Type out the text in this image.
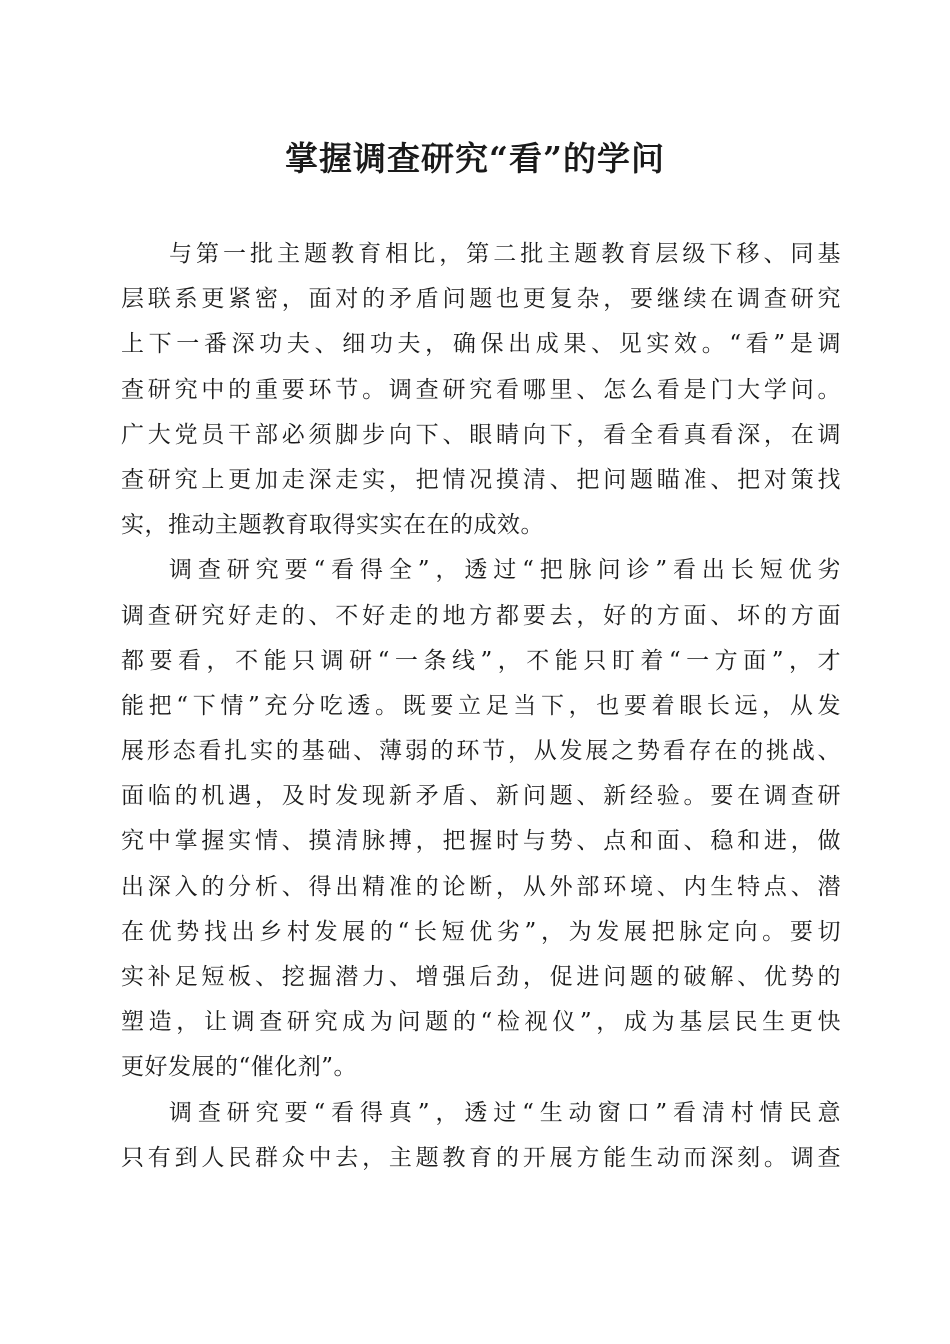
掌握调查研究“看”的学问
与第一批主题教育相比，第二批主题教育层级下移、同基
层联系更紧密，面对的矛盾问题也更复杂，要继续在调查研究
上下一番深功夫、细功夫，确保出成果、见实效。“看”是调
查研究中的重要环节。调查研究看哪里、怎么看是门大学问。
广大党员干部必须脚步向下、眼睛向下，看全看真看深，在调
查研究上更加走深走实，把情况摸清、把问题瞄准、把对策找
实，推动主题教育取得实实在在的成效。
调查研究要“看得全”，透过“把脉问诊”看出长短优劣
调查研究好走的、不好走的地方都要去，好的方面、坏的方面
都要看，不能只调研“一条线”，不能只盯着“一方面”，才
能把“下情”充分吃透。既要立足当下，也要着眼长远，从发
展形态看扎实的基础、薄弱的环节，从发展之势看存在的挑战、
面临的机遇，及时发现新矛盾、新问题、新经验。要在调查研
究中掌握实情、摸清脉搏，把握时与势、点和面、稳和进，做
出深入的分析、得出精准的论断，从外部环境、内生特点、潜
在优势找出乡村发展的“长短优劣”，为发展把脉定向。要切
实补足短板、挖掘潜力、增强后劲，促进问题的破解、优势的
塑造，让调查研究成为问题的“检视仪”，成为基层民生更快
更好发展的“催化剂”。
调查研究要“看得真”，透过“生动窗口”看清村情民意
只有到人民群众中去，主题教育的开展方能生动而深刻。调查
